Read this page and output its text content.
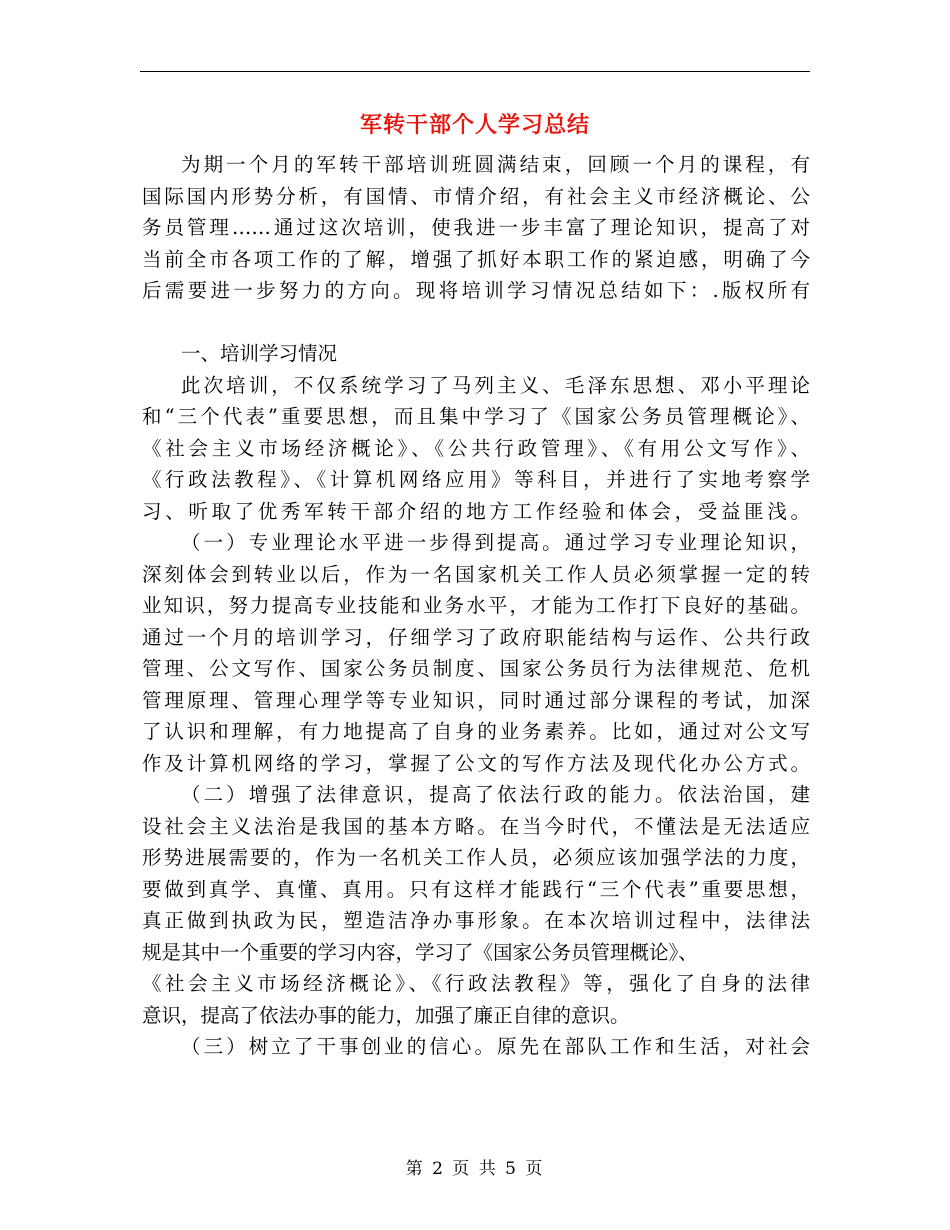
军转干部个人学习总结
为期一个月的军转干部培训班圆满结束，回顾一个月的课程，有
国际国内形势分析，有国情、市情介绍，有社会主义市经济概论、公
务员管理……通过这次培训，使我进一步丰富了理论知识，提高了对
当前全市各项工作的了解，增强了抓好本职工作的紧迫感，明确了今
后需要进一步努力的方向。现将培训学习情况总结如下：.版权所有
一、培训学习情况
此次培训，不仅系统学习了马列主义、毛泽东思想、邓小平理论
和“三个代表”重要思想，而且集中学习了《国家公务员管理概论》、
《社会主义市场经济概论》、《公共行政管理》、《有用公文写作》、
《行政法教程》、《计算机网络应用》等科目，并进行了实地考察学
习、听取了优秀军转干部介绍的地方工作经验和体会，受益匪浅。
（一）专业理论水平进一步得到提高。通过学习专业理论知识，
深刻体会到转业以后，作为一名国家机关工作人员必须掌握一定的转
业知识，努力提高专业技能和业务水平，才能为工作打下良好的基础。
通过一个月的培训学习，仔细学习了政府职能结构与运作、公共行政
管理、公文写作、国家公务员制度、国家公务员行为法律规范、危机
管理原理、管理心理学等专业知识，同时通过部分课程的考试，加深
了认识和理解，有力地提高了自身的业务素养。比如，通过对公文写
作及计算机网络的学习，掌握了公文的写作方法及现代化办公方式。
（二）增强了法律意识，提高了依法行政的能力。依法治国，建
设社会主义法治是我国的基本方略。在当今时代，不懂法是无法适应
形势进展需要的，作为一名机关工作人员，必须应该加强学法的力度，
要做到真学、真懂、真用。只有这样才能践行“三个代表”重要思想，
真正做到执政为民，塑造洁净办事形象。在本次培训过程中，法律法
规是其中一个重要的学习内容，学习了《国家公务员管理概论》、
《社会主义市场经济概论》、《行政法教程》等，强化了自身的法律
意识，提高了依法办事的能力，加强了廉正自律的意识。
（三）树立了干事创业的信心。原先在部队工作和生活，对社会
第 2 页 共 5 页
